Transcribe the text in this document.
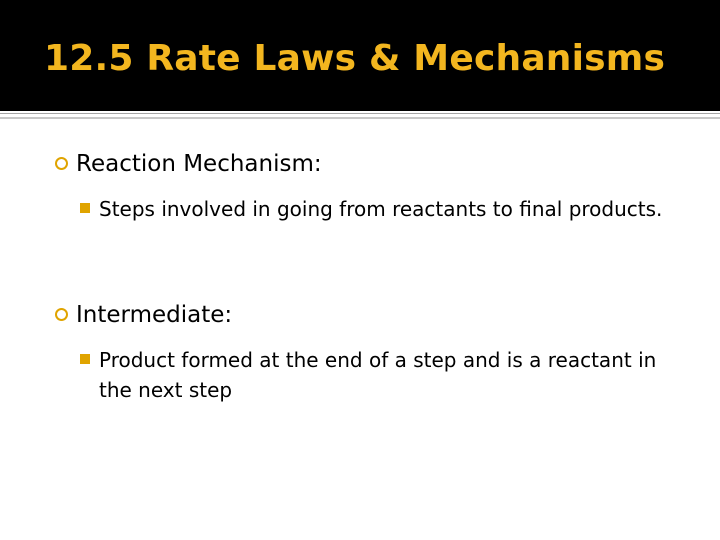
12.5 Rate Laws & Mechanisms
Reaction Mechanism:
Steps involved in going from reactants to final products.
Intermediate:
Product formed at the end of a step and is a reactant in the next step
